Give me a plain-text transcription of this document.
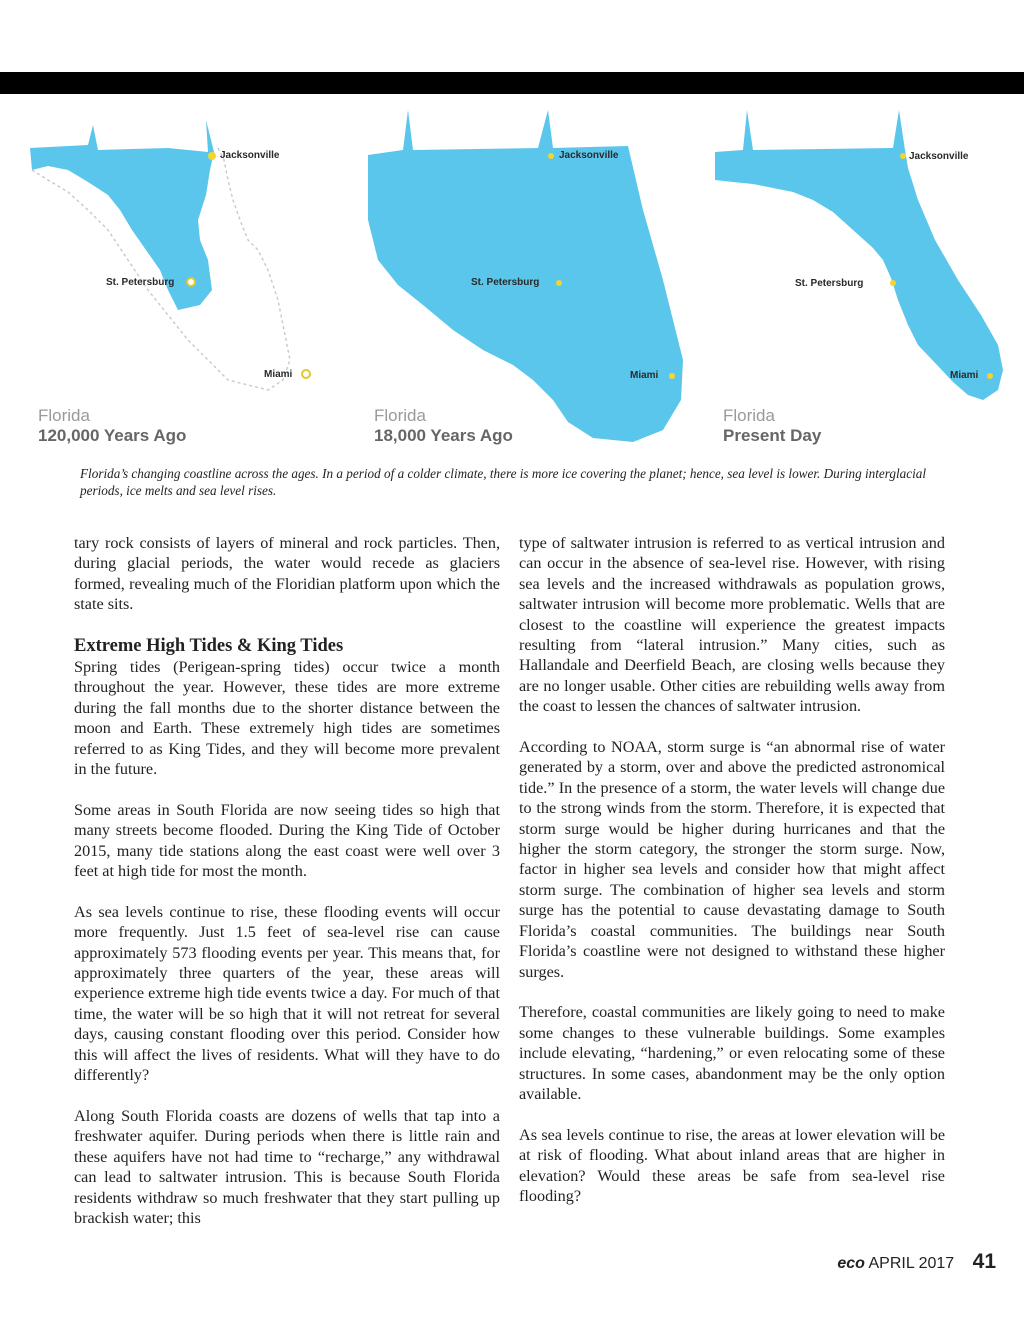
Jacksonville
St. Petersburg
Miami
Florida
120,000 Years Ago
Jacksonville
St. Petersburg
Miami
Florida
18,000 Years Ago
Jacksonville
St. Petersburg
Miami
Florida
Present Day
Florida’s changing coastline across the ages. In a period of a colder climate, there is more ice covering the planet; hence, sea level is lower. During interglacial periods, ice melts and sea level rises.

tary rock consists of layers of mineral and rock particles. Then, during glacial periods, the water would recede as glaciers formed, revealing much of the Floridian platform upon which the state sits.

Extreme High Tides & King Tides

Spring tides (Perigean-spring tides) occur twice a month throughout the year. However, these tides are more extreme during the fall months due to the shorter distance between the moon and Earth. These extremely high tides are sometimes referred to as King Tides, and they will become more prevalent in the future.

Some areas in South Florida are now seeing tides so high that many streets become flooded. During the King Tide of October 2015, many tide stations along the east coast were well over 3 feet at high tide for most the month.

As sea levels continue to rise, these flooding events will occur more frequently. Just 1.5 feet of sea-level rise can cause approximately 573 flooding events per year. This means that, for approximately three quarters of the year, these areas will experience extreme high tide events twice a day. For much of that time, the water will be so high that it will not retreat for several days, causing constant flooding over this period. Consider how this will affect the lives of residents. What will they have to do differently?

Along South Florida coasts are dozens of wells that tap into a freshwater aquifer. During periods when there is little rain and these aquifers have not had time to “recharge,” any withdrawal can lead to saltwater intrusion. This is because South Florida residents withdraw so much freshwater that they start pulling up brackish water; this

type of saltwater intrusion is referred to as vertical intrusion and can occur in the absence of sea-level rise. However, with rising sea levels and the increased withdrawals as population grows, saltwater intrusion will become more problematic. Wells that are closest to the coastline will experience the greatest impacts resulting from “lateral intrusion.” Many cities, such as Hallandale and Deerfield Beach, are closing wells because they are no longer usable. Other cities are rebuilding wells away from the coast to lessen the chances of saltwater intrusion.

According to NOAA, storm surge is “an abnormal rise of water generated by a storm, over and above the predicted astronomical tide.” In the presence of a storm, the water levels will change due to the strong winds from the storm. Therefore, it is expected that storm surge would be higher during hurricanes and that the higher the storm category, the stronger the storm surge. Now, factor in higher sea levels and consider how that might affect storm surge. The combination of higher sea levels and storm surge has the potential to cause devastating damage to South Florida’s coastal communities. The buildings near South Florida’s coastline were not designed to withstand these higher surges.

Therefore, coastal communities are likely going to need to make some changes to these vulnerable buildings. Some examples include elevating, “hardening,” or even relocating some of these structures. In some cases, abandonment may be the only option available.

As sea levels continue to rise, the areas at lower elevation will be at risk of flooding. What about inland areas that are higher in elevation? Would these areas be safe from sea-level rise flooding?

eco APRIL 2017 41
